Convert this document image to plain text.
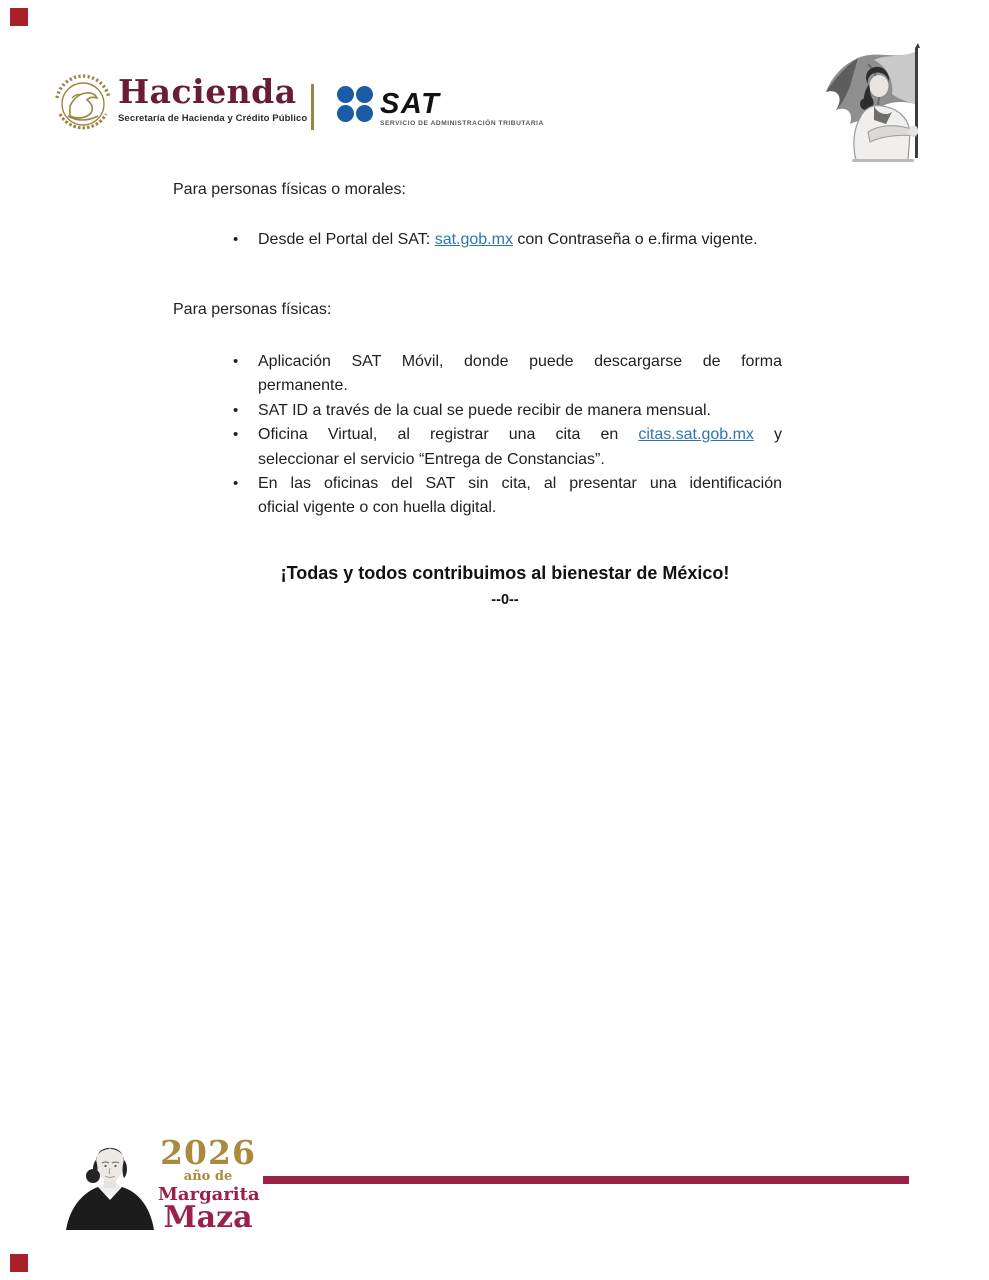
Hacienda
Secretaría de Hacienda y Crédito Público	SAT
SERVICIO DE ADMINISTRACIÓN TRIBUTARIA
Para personas físicas o morales:
•	Desde el Portal del SAT: sat.gob.mx con Contraseña o e.firma vigente.
Para personas físicas:
•	Aplicación SAT Móvil, donde puede descargarse de forma
permanente.
•	SAT ID a través de la cual se puede recibir de manera mensual.
•	Oficina Virtual, al registrar una cita en citas.sat.gob.mx y
seleccionar el servicio “Entrega de Constancias”.
•	En las oficinas del SAT sin cita, al presentar una identificación
oficial vigente o con huella digital.
¡Todas y todos contribuimos al bienestar de México!
--0--
2026
año de
Margarita
Maza
